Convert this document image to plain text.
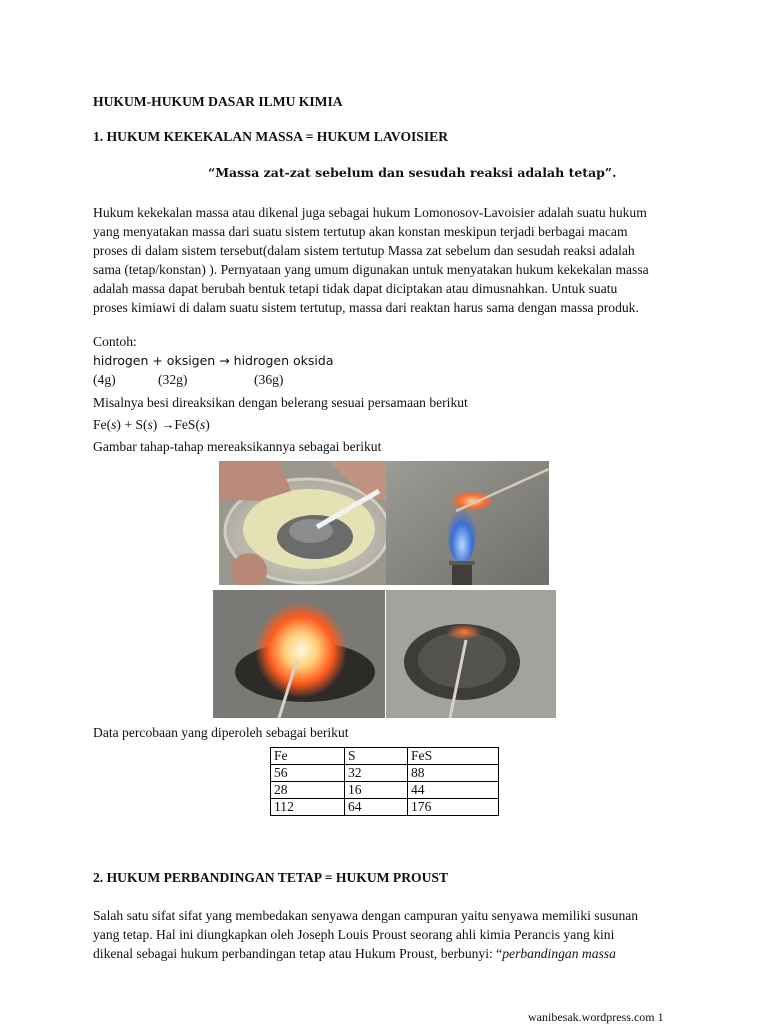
HUKUM-HUKUM DASAR ILMU KIMIA
1. HUKUM KEKEKALAN MASSA = HUKUM LAVOISIER
“Massa zat-zat sebelum dan sesudah reaksi adalah tetap”.
Hukum kekekalan massa atau dikenal juga sebagai hukum Lomonosov-Lavoisier adalah suatu hukum
yang menyatakan massa dari suatu sistem tertutup akan konstan meskipun terjadi berbagai macam
proses di dalam sistem tersebut(dalam sistem tertutup Massa zat sebelum dan sesudah reaksi adalah
sama (tetap/konstan) ). Pernyataan yang umum digunakan untuk menyatakan hukum kekekalan massa
adalah massa dapat berubah bentuk tetapi tidak dapat diciptakan atau dimusnahkan. Untuk suatu
proses kimiawi di dalam suatu sistem tertutup, massa dari reaktan harus sama dengan massa produk.
Contoh:
hidrogen + oksigen → hidrogen oksida
(4g)	(32g)	(36g)
Misalnya besi direaksikan dengan belerang sesuai persamaan berikut
Fe(s) + S(s) →FeS(s)
Gambar tahap-tahap mereaksikannya sebagai berikut
Data percobaan yang diperoleh sebagai berikut
Fe	S	FeS
56	32	88
28	16	44
112	64	176
2. HUKUM PERBANDINGAN TETAP = HUKUM PROUST
Salah satu sifat sifat yang membedakan senyawa dengan campuran yaitu senyawa memiliki susunan
yang tetap. Hal ini diungkapkan oleh Joseph Louis Proust seorang ahli kimia Perancis yang kini
dikenal sebagai hukum perbandingan tetap atau Hukum Proust, berbunyi: “perbandingan massa
wanibesak.wordpress.com 1
